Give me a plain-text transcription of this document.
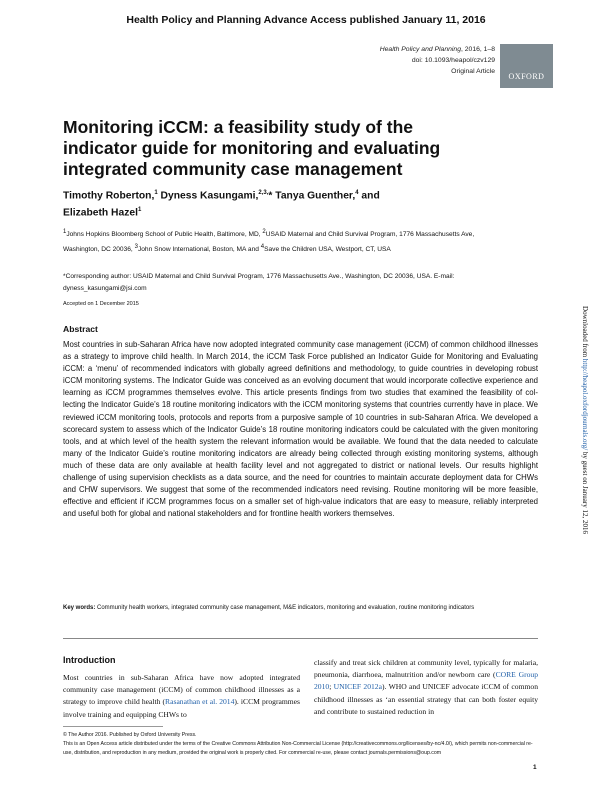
Health Policy and Planning Advance Access published January 11, 2016
Health Policy and Planning, 2016, 1–8
doi: 10.1093/heapol/czv129
Original Article
OXFORD
Monitoring iCCM: a feasibility study of the indicator guide for monitoring and evaluating integrated community case management
Timothy Roberton,$^1$ Dyness Kasungami,$^{2,3,}$* Tanya Guenther,$^4$ and
Elizabeth Hazel$^1$
$^1$Johns Hopkins Bloomberg School of Public Health, Baltimore, MD, $^2$USAID Maternal and Child Survival Program, 1776 Massachusetts Ave, Washington, DC 20036, $^3$John Snow International, Boston, MA and $^4$Save the Children USA, Westport, CT, USA
*Corresponding author: USAID Maternal and Child Survival Program, 1776 Massachusetts Ave., Washington, DC 20036, USA. E-mail: dyness_kasungami@jsi.com
Accepted on 1 December 2015
Abstract
Most countries in sub-Saharan Africa have now adopted integrated community case management (iCCM) of common childhood illnesses as a strategy to improve child health. In March 2014, the iCCM Task Force published an Indicator Guide for Monitoring and Evaluating iCCM: a ‘menu’ of recommended indicators with globally agreed definitions and methodology, to guide countries in developing robust iCCM monitoring systems. The Indicator Guide was conceived as an evolving document that would incorporate collective experience and learning as iCCM programmes themselves evolve. This article presents findings from two studies that examined the feasibility of collecting the Indicator Guide’s 18 routine monitoring indicators with the iCCM monitoring systems that countries currently have in place. We reviewed iCCM monitoring tools, protocols and reports from a purposive sample of 10 countries in sub-Saharan Africa. We developed a scorecard system to assess which of the Indicator Guide’s 18 routine monitoring indicators could be calculated with the given monitoring tools, and at which level of the health system the relevant information would be available. We found that the data needed to calculate many of the Indicator Guide’s routine monitoring indicators are already being collected through existing monitoring systems, although much of these data are only available at health facility level and not aggregated to district or national levels. Our results highlight challenge of using supervision checklists as a data source, and the need for countries to maintain accurate deployment data for CHWs and CHW supervisors. We suggest that some of the recommended indicators need revising. Routine monitoring will be more feasible, effective and efficient if iCCM programmes focus on a smaller set of high-value indicators that are easy to measure, reliably interpreted and useful both for global and national stakeholders and for frontline health workers themselves.
Key words: Community health workers, integrated community case management, M&E indicators, monitoring and evaluation, routine monitoring indicators
Introduction
Most countries in sub-Saharan Africa have now adopted integrated community case management (iCCM) of common childhood illnesses as a strategy to improve child health (Rasanathan et al. 2014). iCCM programmes involve training and equipping CHWs to
classify and treat sick children at community level, typically for malaria, pneumonia, diarrhoea, malnutrition and/or newborn care (CORE Group 2010; UNICEF 2012a). WHO and UNICEF advocate iCCM of common childhood illnesses as ‘an essential strategy that can both foster equity and contribute to sustained reduction in
© The Author 2016. Published by Oxford University Press.
This is an Open Access article distributed under the terms of the Creative Commons Attribution Non-Commercial License (http://creativecommons.org/licenses/by-nc/4.0/), which permits non-commercial re-use, distribution, and reproduction in any medium, provided the original work is properly cited. For commercial re-use, please contact journals.permissions@oup.com
1
Downloaded from http://heapol.oxfordjournals.org/ by guest on January 12, 2016
